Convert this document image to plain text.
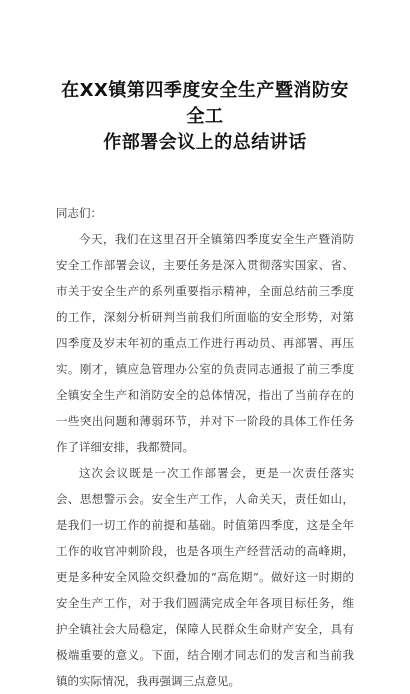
在XX镇第四季度安全生产暨消防安全工
作部署会议上的总结讲话

同志们：

今天，我们在这里召开全镇第四季度安全生产暨消防安全工作部署会议，主要任务是深入贯彻落实国家、省、市关于安全生产的系列重要指示精神，全面总结前三季度的工作，深刻分析研判当前我们所面临的安全形势，对第四季度及岁末年初的重点工作进行再动员、再部署、再压实。刚才，镇应急管理办公室的负责同志通报了前三季度全镇安全生产和消防安全的总体情况，指出了当前存在的一些突出问题和薄弱环节，并对下一阶段的具体工作任务作了详细安排，我都赞同。

这次会议既是一次工作部署会，更是一次责任落实会、思想警示会。安全生产工作，人命关天，责任如山，是我们一切工作的前提和基础。时值第四季度，这是全年工作的收官冲刺阶段，也是各项生产经营活动的高峰期，更是多种安全风险交织叠加的“高危期”。做好这一时期的安全生产工作，对于我们圆满完成全年各项目标任务，维护全镇社会大局稳定，保障人民群众生命财产安全，具有极端重要的意义。下面，结合刚才同志们的发言和当前我镇的实际情况，我再强调三点意见。
